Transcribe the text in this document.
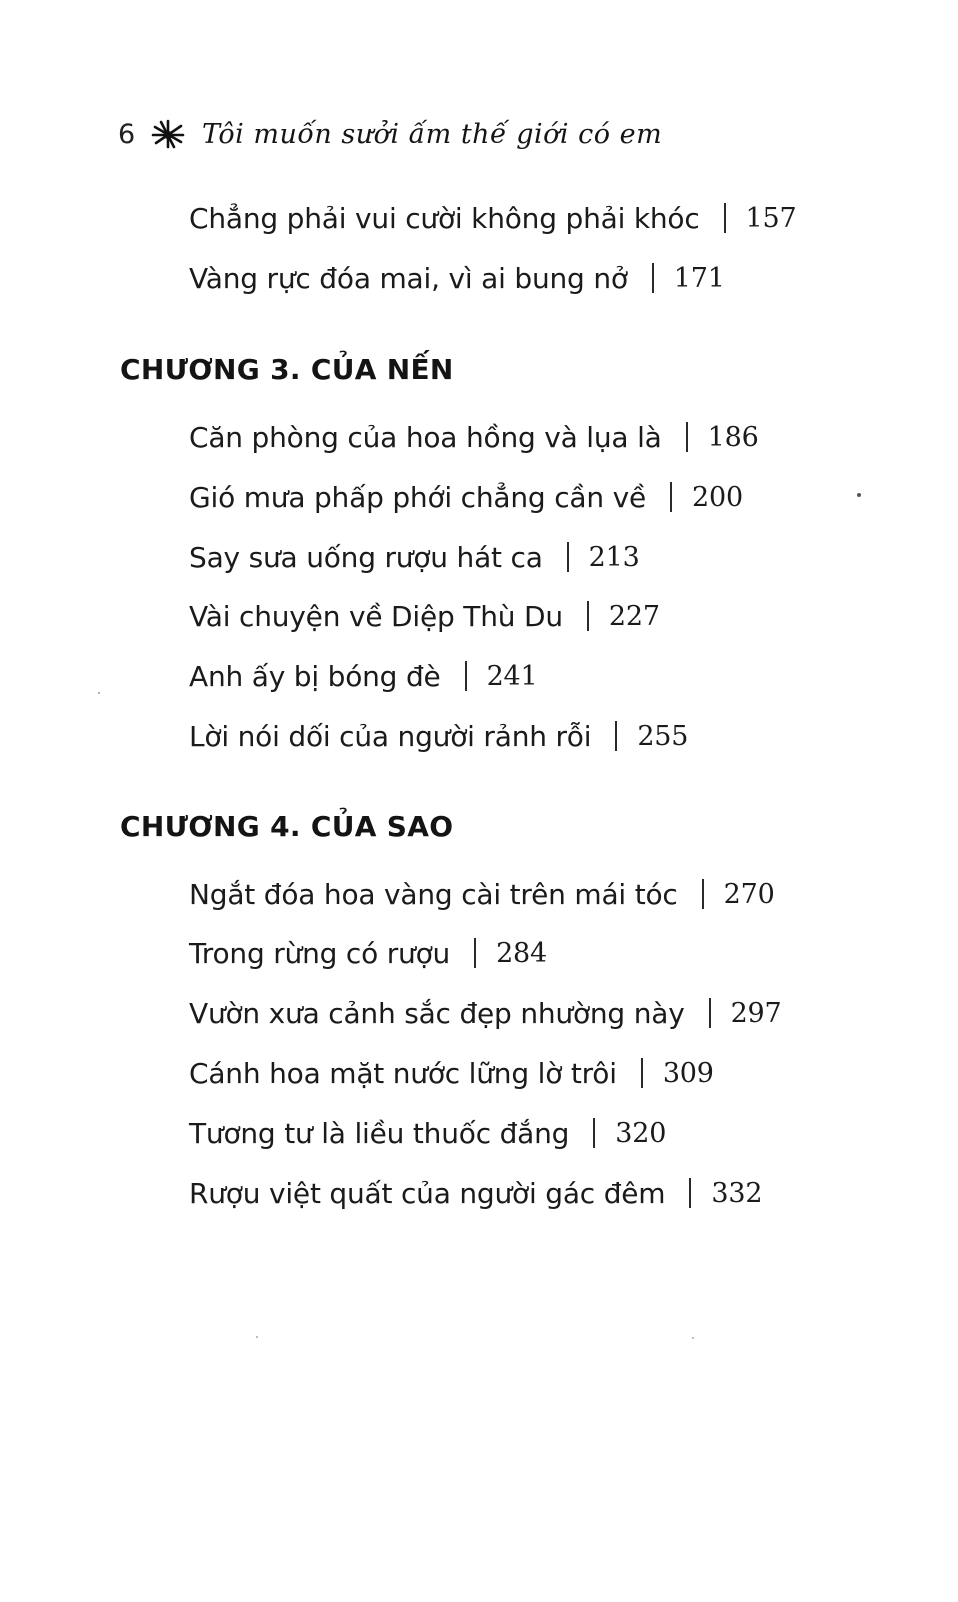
6	Tôi muốn sưởi ấm thế giới có em
Chẳng phải vui cười không phải khóc 157
Vàng rực đóa mai, vì ai bung nở 171
CHƯƠNG 3. CỦA NẾN
Căn phòng của hoa hồng và lụa là 186
Gió mưa phấp phới chẳng cần về 200
Say sưa uống rượu hát ca 213
Vài chuyện về Diệp Thù Du 227
Anh ấy bị bóng đè 241
Lời nói dối của người rảnh rỗi 255
CHƯƠNG 4. CỦA SAO
Ngắt đóa hoa vàng cài trên mái tóc 270
Trong rừng có rượu 284
Vườn xưa cảnh sắc đẹp nhường này 297
Cánh hoa mặt nước lững lờ trôi 309
Tương tư là liều thuốc đắng 320
Rượu việt quất của người gác đêm 332
